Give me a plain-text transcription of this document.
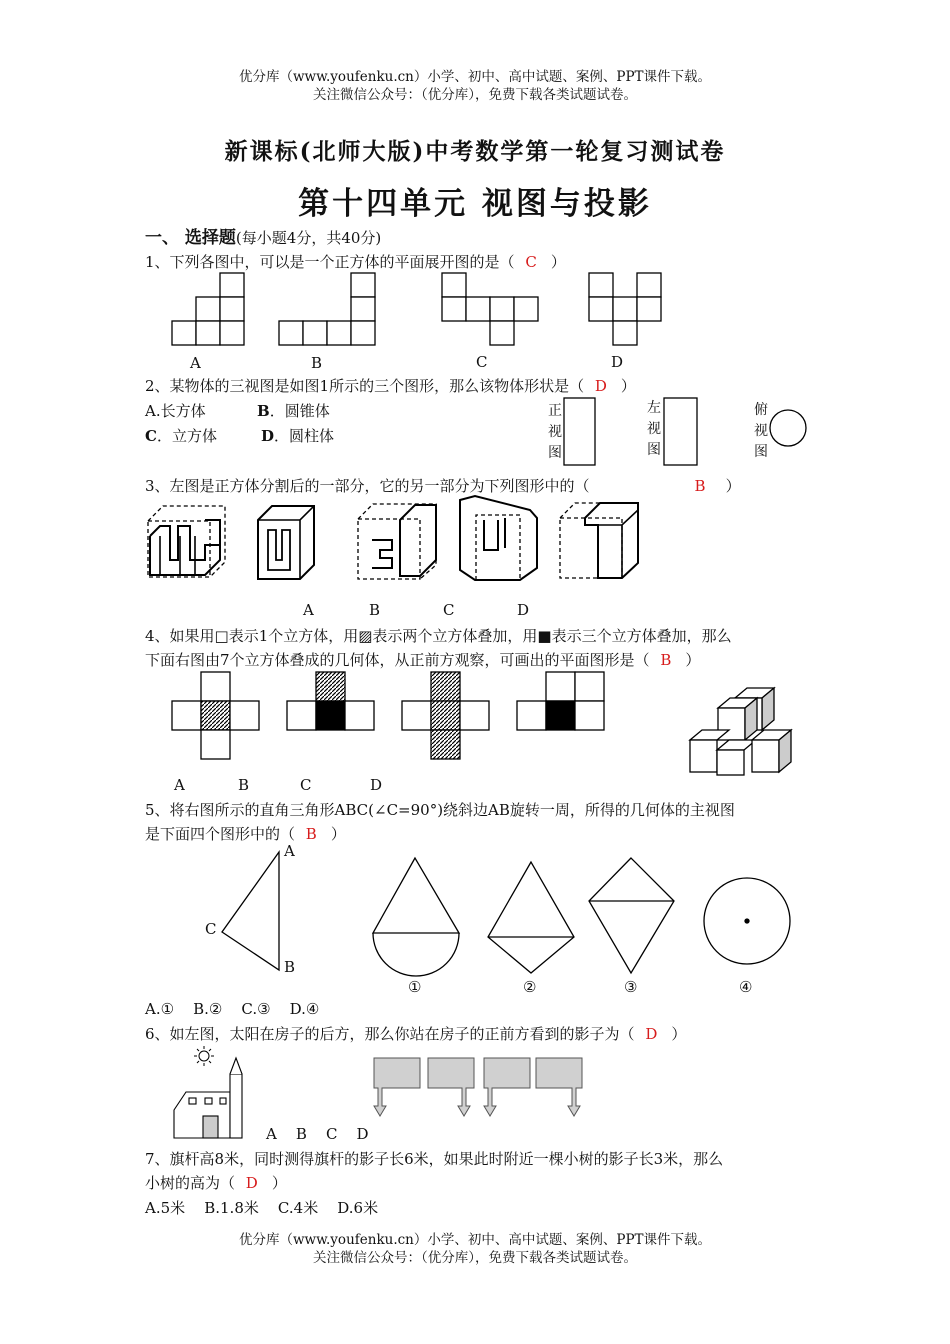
优分库（www.youfenku.cn）小学、初中、高中试题、案例、PPT课件下载。
关注微信公众号：（优分库），免费下载各类试题试卷。
新课标(北师大版)中考数学第一轮复习测试卷
第十四单元 视图与投影
一、 选择题(每小题4分，共40分)
1、下列各图中，可以是一个正方体的平面展开图的是（ C ）
A	B	C	D
2、某物体的三视图是如图1所示的三个图形，那么该物体形状是（ D ）
A.长方体	B．圆锥体
C．立方体	D．圆柱体
正视图
左视图
俯视图
3、左图是正方体分割后的一部分，它的另一部分为下列图形中的（	B ）
A	B	C	D
4、如果用□表示1个立方体，用▨表示两个立方体叠加，用■表示三个立方体叠加，那么
下面右图由7个立方体叠成的几何体，从正前方观察，可画出的平面图形是（ B ）
A	B	C	D
5、将右图所示的直角三角形ABC(∠C=90°)绕斜边AB旋转一周，所得的几何体的主视图
是下面四个图形中的（ B ）
A
C
B
①	②	③	④
A.①    B.②    C.③    D.④
6、如左图，太阳在房子的后方，那么你站在房子的正前方看到的影子为（ D ）
A    B    C    D
7、旗杆高8米，同时测得旗杆的影子长6米，如果此时附近一棵小树的影子长3米，那么
小树的高为（ D ）
A.5米    B.1.8米    C.4米    D.6米
优分库（www.youfenku.cn）小学、初中、高中试题、案例、PPT课件下载。
关注微信公众号：（优分库），免费下载各类试题试卷。
